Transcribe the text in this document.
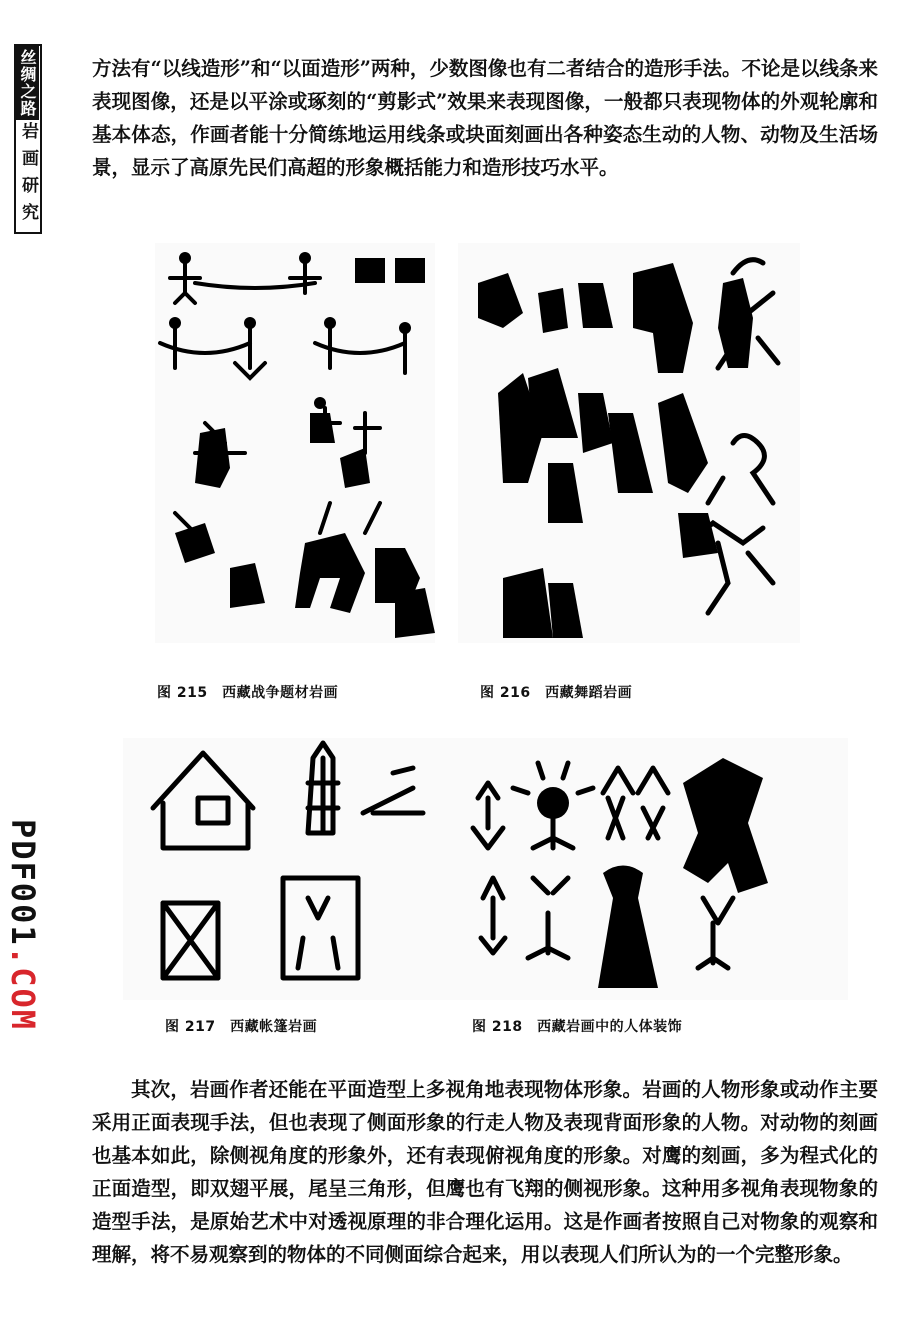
丝绸之路
岩画研究

方法有“以线造形”和“以面造形”两种，少数图像也有二者结合的造形手法。不论是以线条来表现图像，还是以平涂或琢刻的“剪影式”效果来表现图像，一般都只表现物体的外观轮廓和基本体态，作画者能十分简练地运用线条或块面刻画出各种姿态生动的人物、动物及生活场景，显示了高原先民们高超的形象概括能力和造形技巧水平。

图 215　西藏战争题材岩画	图 216　西藏舞蹈岩画
图 217　西藏帐篷岩画	图 218　西藏岩画中的人体装饰

其次，岩画作者还能在平面造型上多视角地表现物体形象。岩画的人物形象或动作主要采用正面表现手法，但也表现了侧面形象的行走人物及表现背面形象的人物。对动物的刻画也基本如此，除侧视角度的形象外，还有表现俯视角度的形象。对鹰的刻画，多为程式化的正面造型，即双翅平展，尾呈三角形，但鹰也有飞翔的侧视形象。这种用多视角表现物象的造型手法，是原始艺术中对透视原理的非合理化运用。这是作画者按照自己对物象的观察和理解，将不易观察到的物体的不同侧面综合起来，用以表现人们所认为的一个完整形象。

PDF001
.COM
